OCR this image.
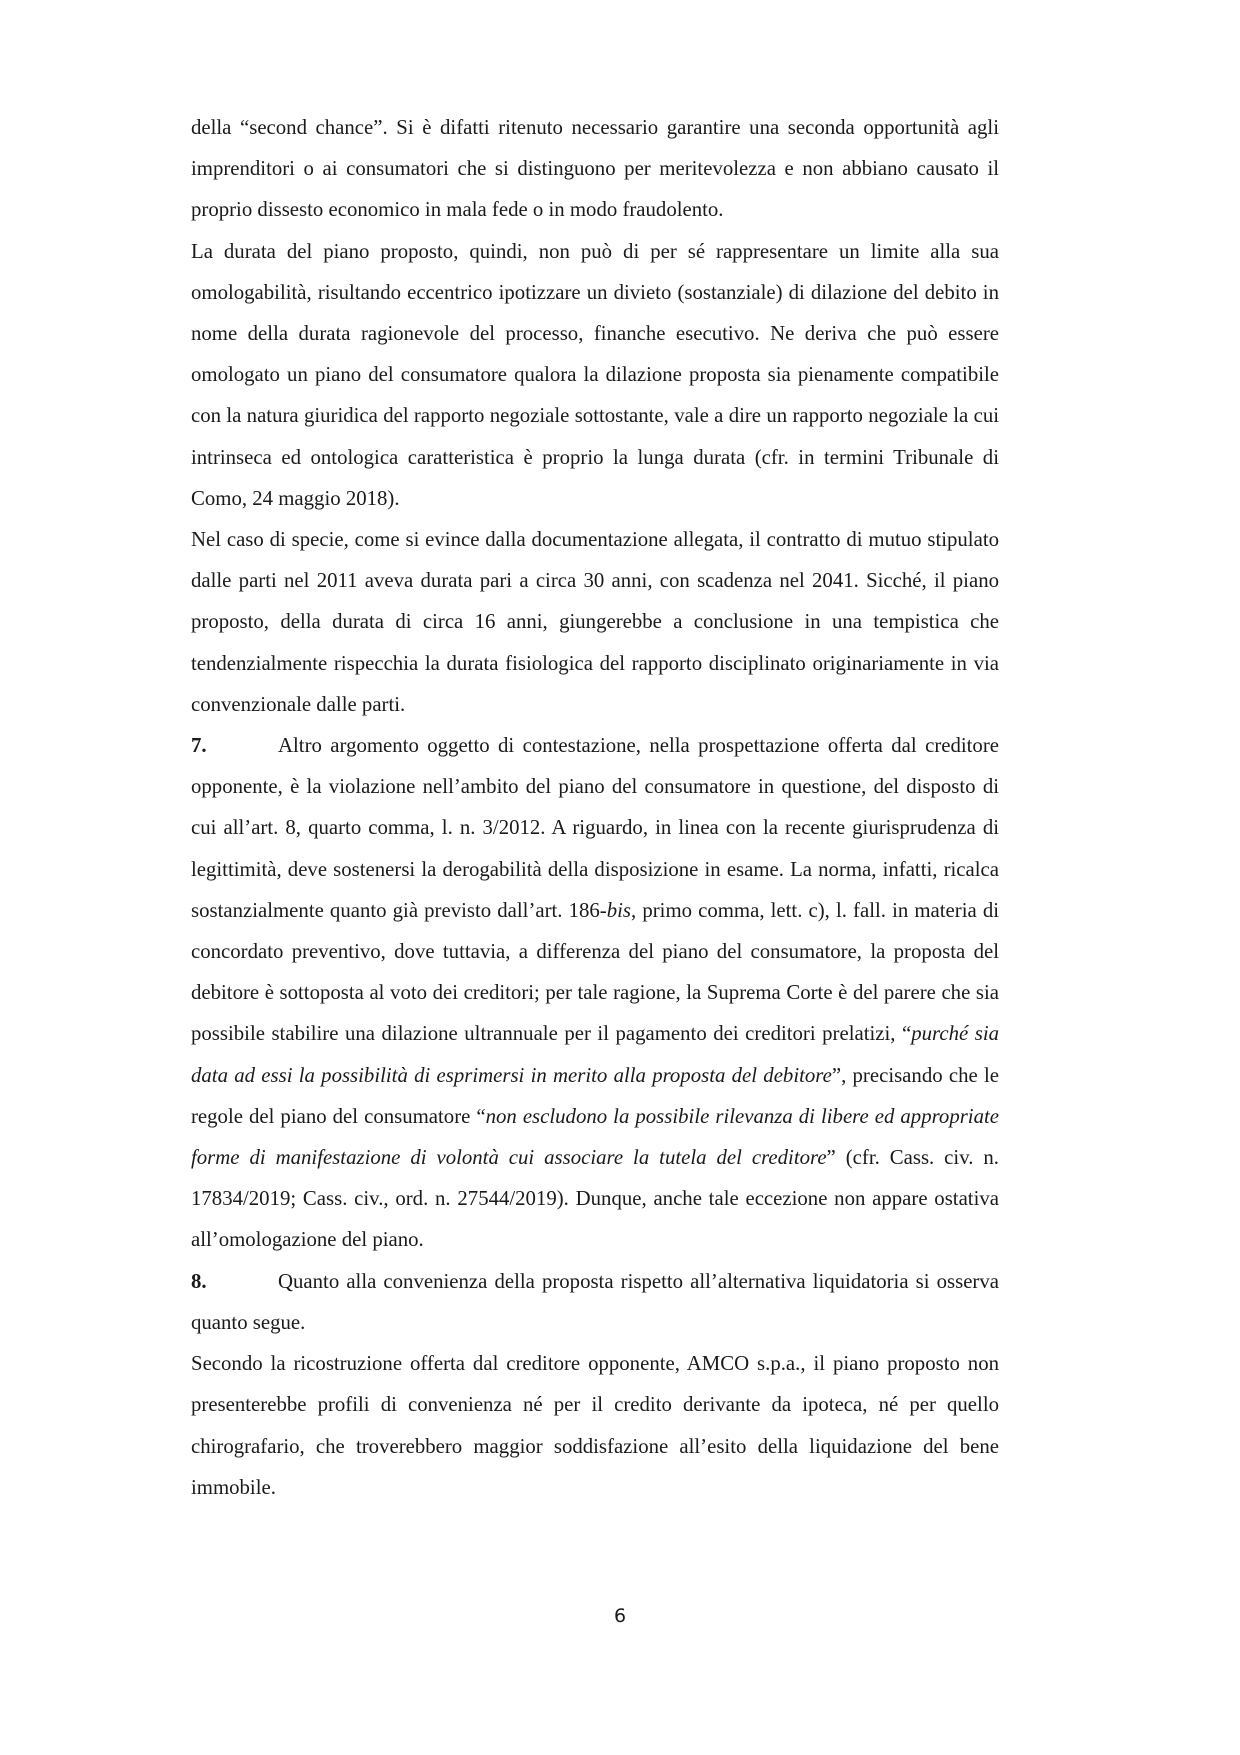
della “second chance”. Si è difatti ritenuto necessario garantire una seconda opportunità agli imprenditori o ai consumatori che si distinguono per meritevolezza e non abbiano causato il proprio dissesto economico in mala fede o in modo fraudolento.

La durata del piano proposto, quindi, non può di per sé rappresentare un limite alla sua omologabilità, risultando eccentrico ipotizzare un divieto (sostanziale) di dilazione del debito in nome della durata ragionevole del processo, finanche esecutivo. Ne deriva che può essere omologato un piano del consumatore qualora la dilazione proposta sia pienamente compatibile con la natura giuridica del rapporto negoziale sottostante, vale a dire un rapporto negoziale la cui intrinseca ed ontologica caratteristica è proprio la lunga durata (cfr. in termini Tribunale di Como, 24 maggio 2018).

Nel caso di specie, come si evince dalla documentazione allegata, il contratto di mutuo stipulato dalle parti nel 2011 aveva durata pari a circa 30 anni, con scadenza nel 2041. Sicché, il piano proposto, della durata di circa 16 anni, giungerebbe a conclusione in una tempistica che tendenzialmente rispecchia la durata fisiologica del rapporto disciplinato originariamente in via convenzionale dalle parti.

7.	Altro argomento oggetto di contestazione, nella prospettazione offerta dal creditore opponente, è la violazione nell’ambito del piano del consumatore in questione, del disposto di cui all’art. 8, quarto comma, l. n. 3/2012. A riguardo, in linea con la recente giurisprudenza di legittimità, deve sostenersi la derogabilità della disposizione in esame. La norma, infatti, ricalca sostanzialmente quanto già previsto dall’art. 186-bis, primo comma, lett. c), l. fall. in materia di concordato preventivo, dove tuttavia, a differenza del piano del consumatore, la proposta del debitore è sottoposta al voto dei creditori; per tale ragione, la Suprema Corte è del parere che sia possibile stabilire una dilazione ultrannuale per il pagamento dei creditori prelatizi, “purché sia data ad essi la possibilità di esprimersi in merito alla proposta del debitore”, precisando che le regole del piano del consumatore “non escludono la possibile rilevanza di libere ed appropriate forme di manifestazione di volontà cui associare la tutela del creditore” (cfr. Cass. civ. n. 17834/2019; Cass. civ., ord. n. 27544/2019). Dunque, anche tale eccezione non appare ostativa all’omologazione del piano.

8.	Quanto alla convenienza della proposta rispetto all’alternativa liquidatoria si osserva quanto segue.

Secondo la ricostruzione offerta dal creditore opponente, AMCO s.p.a., il piano proposto non presenterebbe profili di convenienza né per il credito derivante da ipoteca, né per quello chirografario, che troverebbero maggior soddisfazione all’esito della liquidazione del bene immobile.

6
